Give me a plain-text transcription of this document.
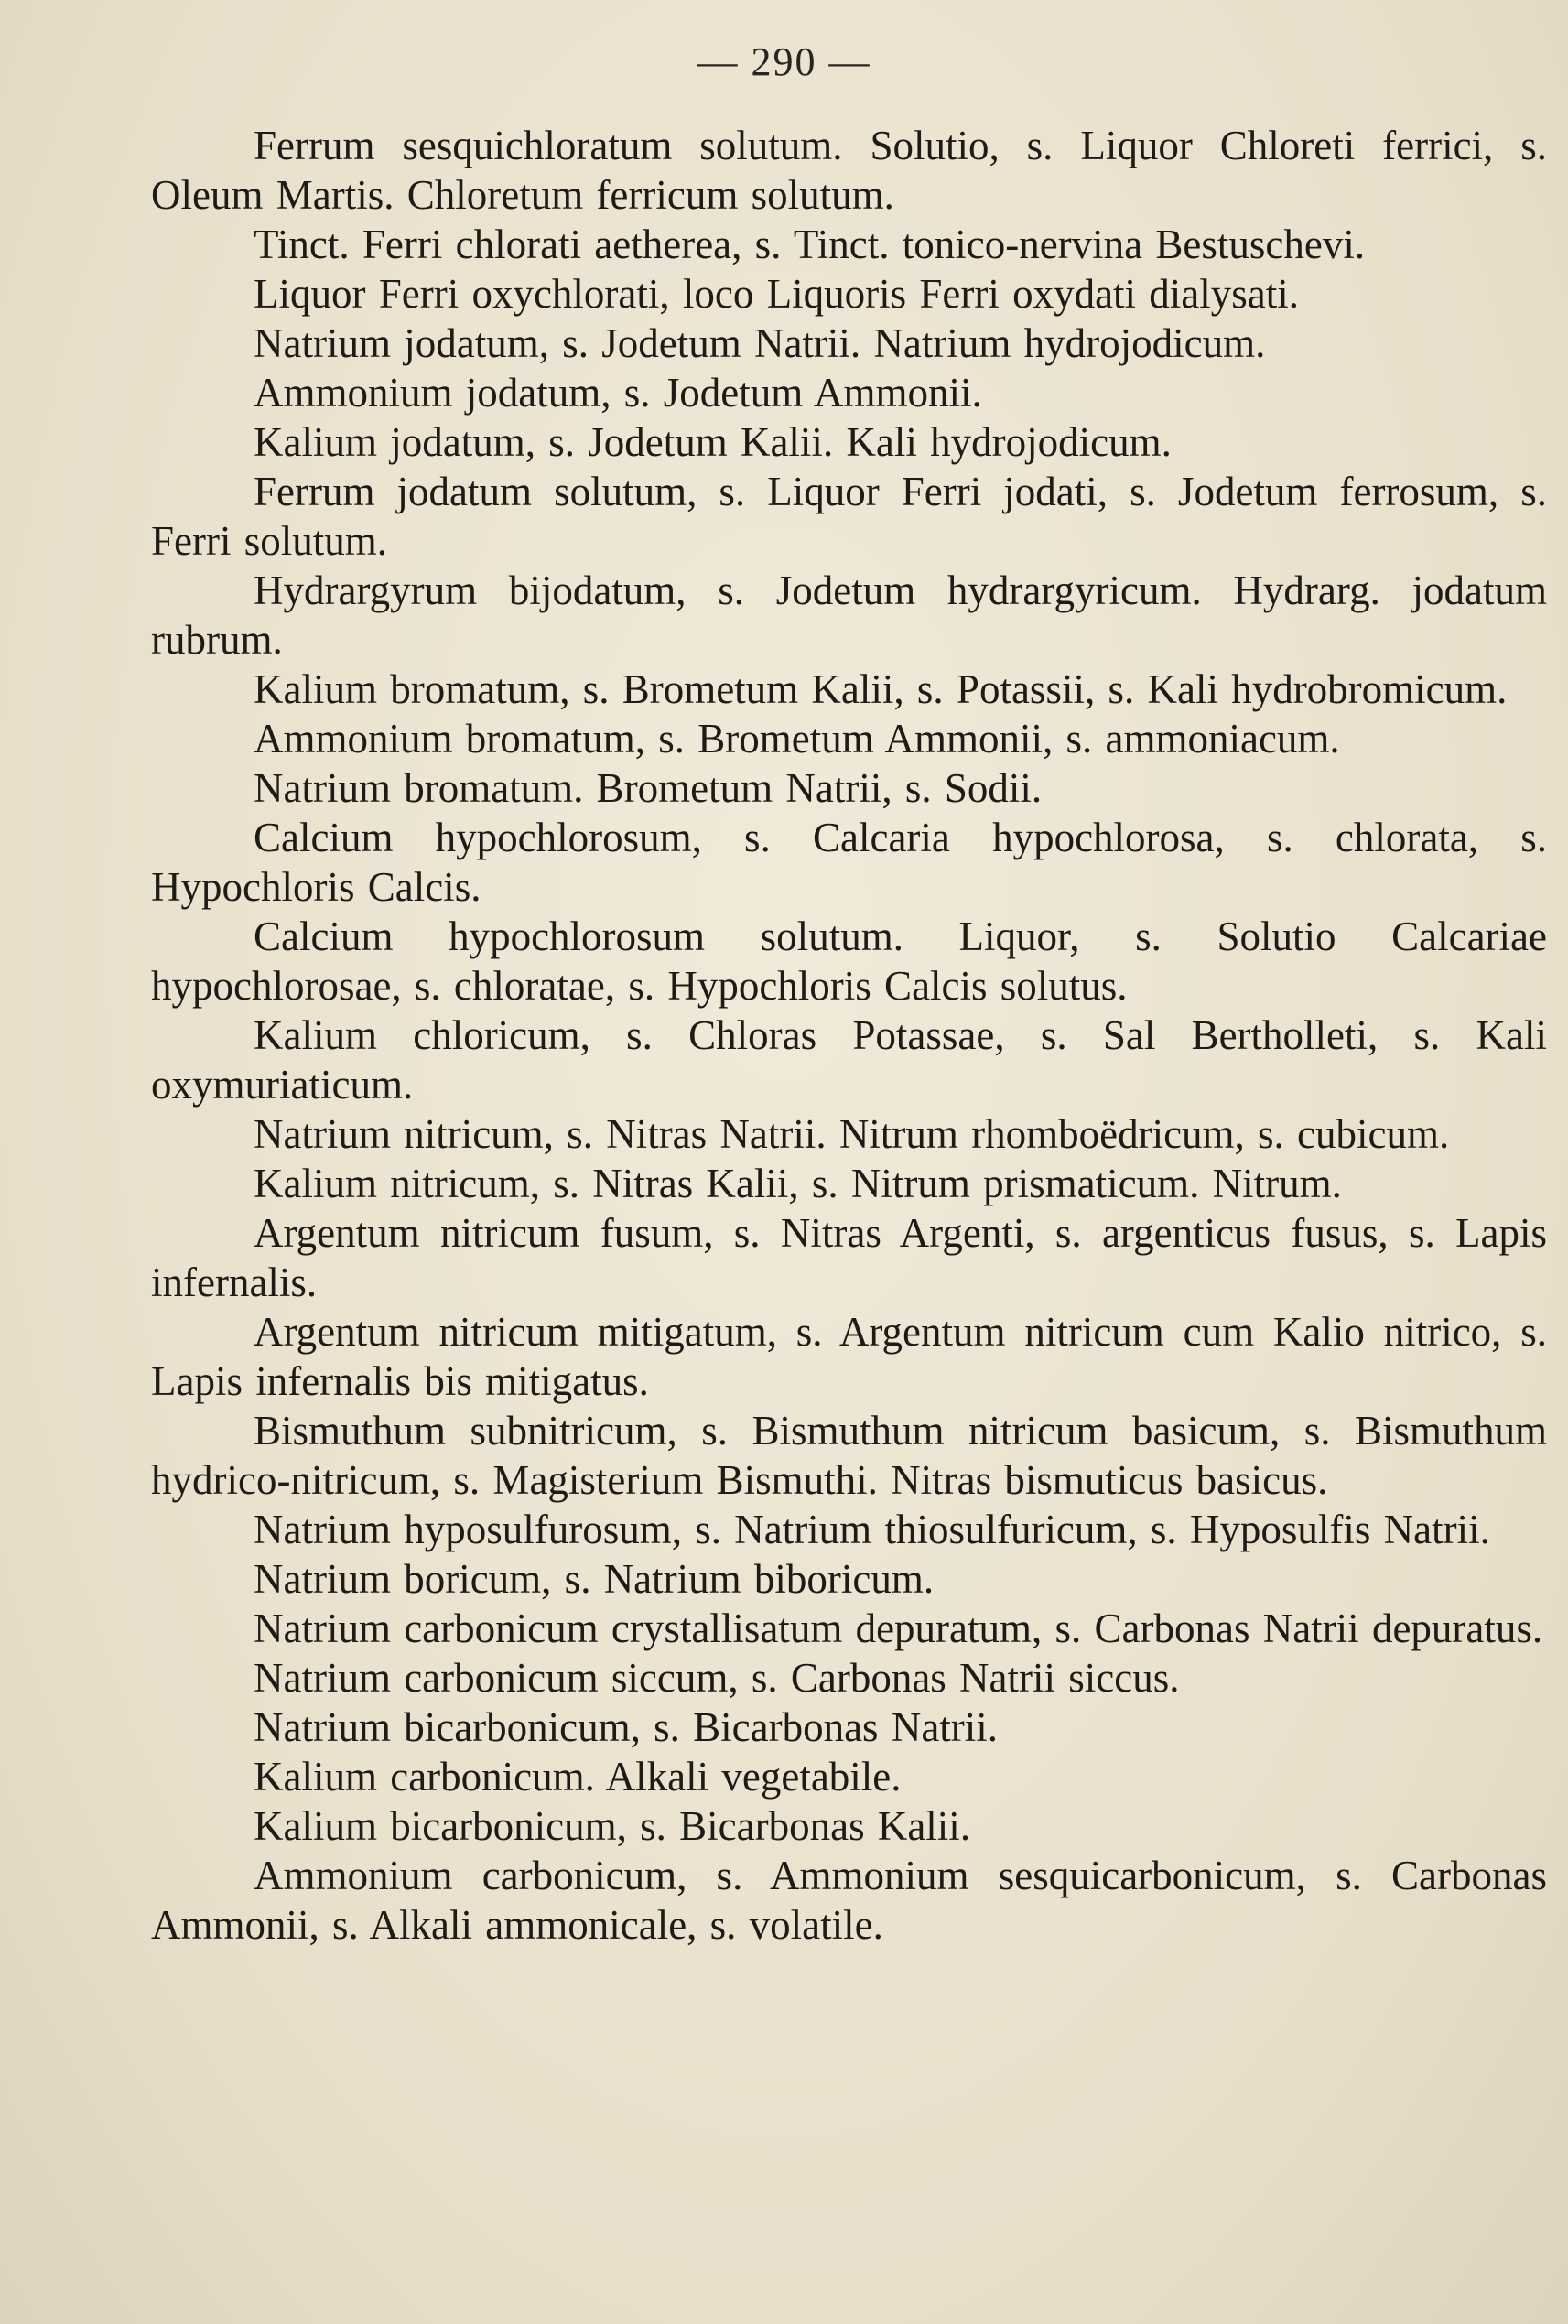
— 290 —

Ferrum sesquichloratum solutum. Solutio, s. Liquor Chloreti ferrici, s. Oleum Martis. Chloretum ferricum solutum.

Tinct. Ferri chlorati aetherea, s. Tinct. tonico-nervina Bestuschevi.

Liquor Ferri oxychlorati, loco Liquoris Ferri oxydati dialysati.

Natrium jodatum, s. Jodetum Natrii. Natrium hydrojodicum.

Ammonium jodatum, s. Jodetum Ammonii.

Kalium jodatum, s. Jodetum Kalii. Kali hydrojodicum.

Ferrum jodatum solutum, s. Liquor Ferri jodati, s. Jodetum ferrosum, s. Ferri solutum.

Hydrargyrum bijodatum, s. Jodetum hydrargyricum. Hydrarg. jodatum rubrum.

Kalium bromatum, s. Brometum Kalii, s. Potassii, s. Kali hydrobromicum.

Ammonium bromatum, s. Brometum Ammonii, s. ammoniacum.

Natrium bromatum. Brometum Natrii, s. Sodii.

Calcium hypochlorosum, s. Calcaria hypochlorosa, s. chlorata, s. Hypochloris Calcis.

Calcium hypochlorosum solutum. Liquor, s. Solutio Calcariae hypochlorosae, s. chloratae, s. Hypochloris Calcis solutus.

Kalium chloricum, s. Chloras Potassae, s. Sal Bertholleti, s. Kali oxymuriaticum.

Natrium nitricum, s. Nitras Natrii. Nitrum rhomboëdricum, s. cubicum.

Kalium nitricum, s. Nitras Kalii, s. Nitrum prismaticum. Nitrum.

Argentum nitricum fusum, s. Nitras Argenti, s. argenticus fusus, s. Lapis infernalis.

Argentum nitricum mitigatum, s. Argentum nitricum cum Kalio nitrico, s. Lapis infernalis bis mitigatus.

Bismuthum subnitricum, s. Bismuthum nitricum basicum, s. Bismuthum hydrico-nitricum, s. Magisterium Bismuthi. Nitras bismuticus basicus.

Natrium hyposulfurosum, s. Natrium thiosulfuricum, s. Hyposulfis Natrii.

Natrium boricum, s. Natrium biboricum.

Natrium carbonicum crystallisatum depuratum, s. Carbonas Natrii depuratus.

Natrium carbonicum siccum, s. Carbonas Natrii siccus.

Natrium bicarbonicum, s. Bicarbonas Natrii.

Kalium carbonicum. Alkali vegetabile.

Kalium bicarbonicum, s. Bicarbonas Kalii.

Ammonium carbonicum, s. Ammonium sesquicarbonicum, s. Carbonas Ammonii, s. Alkali ammonicale, s. volatile.
